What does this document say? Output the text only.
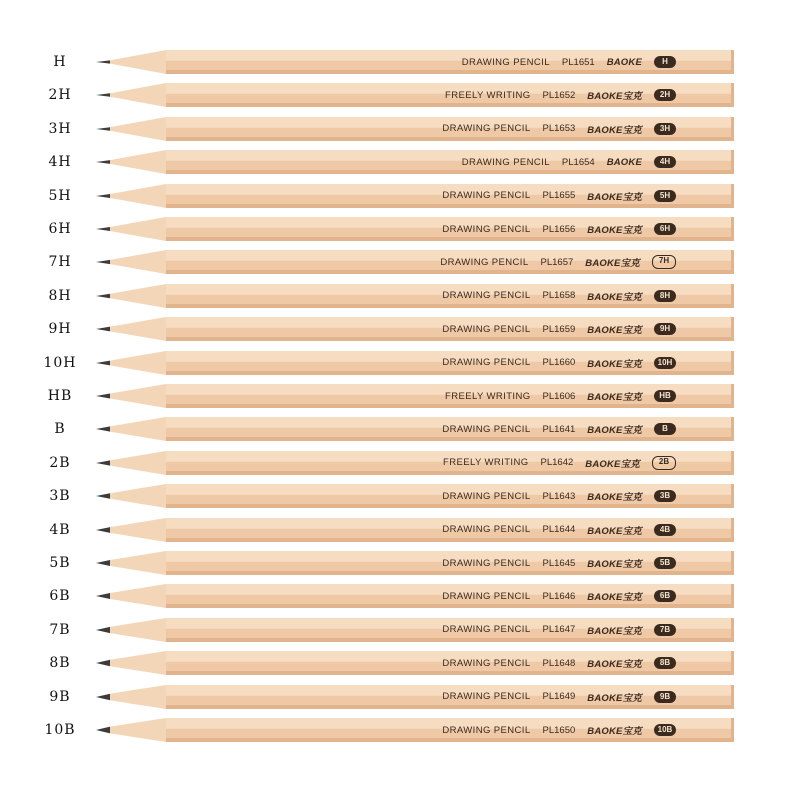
H	DRAWING PENCIL PL1651 BAOKE	H
2H	FREELY WRITING PL1652 BAOKE宝克	2H
3H	DRAWING PENCIL PL1653 BAOKE宝克	3H
4H	DRAWING PENCIL PL1654 BAOKE	4H
5H	DRAWING PENCIL PL1655 BAOKE宝克	5H
6H	DRAWING PENCIL PL1656 BAOKE宝克	6H
7H	DRAWING PENCIL PL1657 BAOKE宝克	7H
8H	DRAWING PENCIL PL1658 BAOKE宝克	8H
9H	DRAWING PENCIL PL1659 BAOKE宝克	9H
10H	DRAWING PENCIL PL1660 BAOKE宝克	10H
HB	FREELY WRITING PL1606 BAOKE宝克	HB
B	DRAWING PENCIL PL1641 BAOKE宝克	B
2B	FREELY WRITING PL1642 BAOKE宝克	2B
3B	DRAWING PENCIL PL1643 BAOKE宝克	3B
4B	DRAWING PENCIL PL1644 BAOKE宝克	4B
5B	DRAWING PENCIL PL1645 BAOKE宝克	5B
6B	DRAWING PENCIL PL1646 BAOKE宝克	6B
7B	DRAWING PENCIL PL1647 BAOKE宝克	7B
8B	DRAWING PENCIL PL1648 BAOKE宝克	8B
9B	DRAWING PENCIL PL1649 BAOKE宝克	9B
10B	DRAWING PENCIL PL1650 BAOKE宝克	10B
